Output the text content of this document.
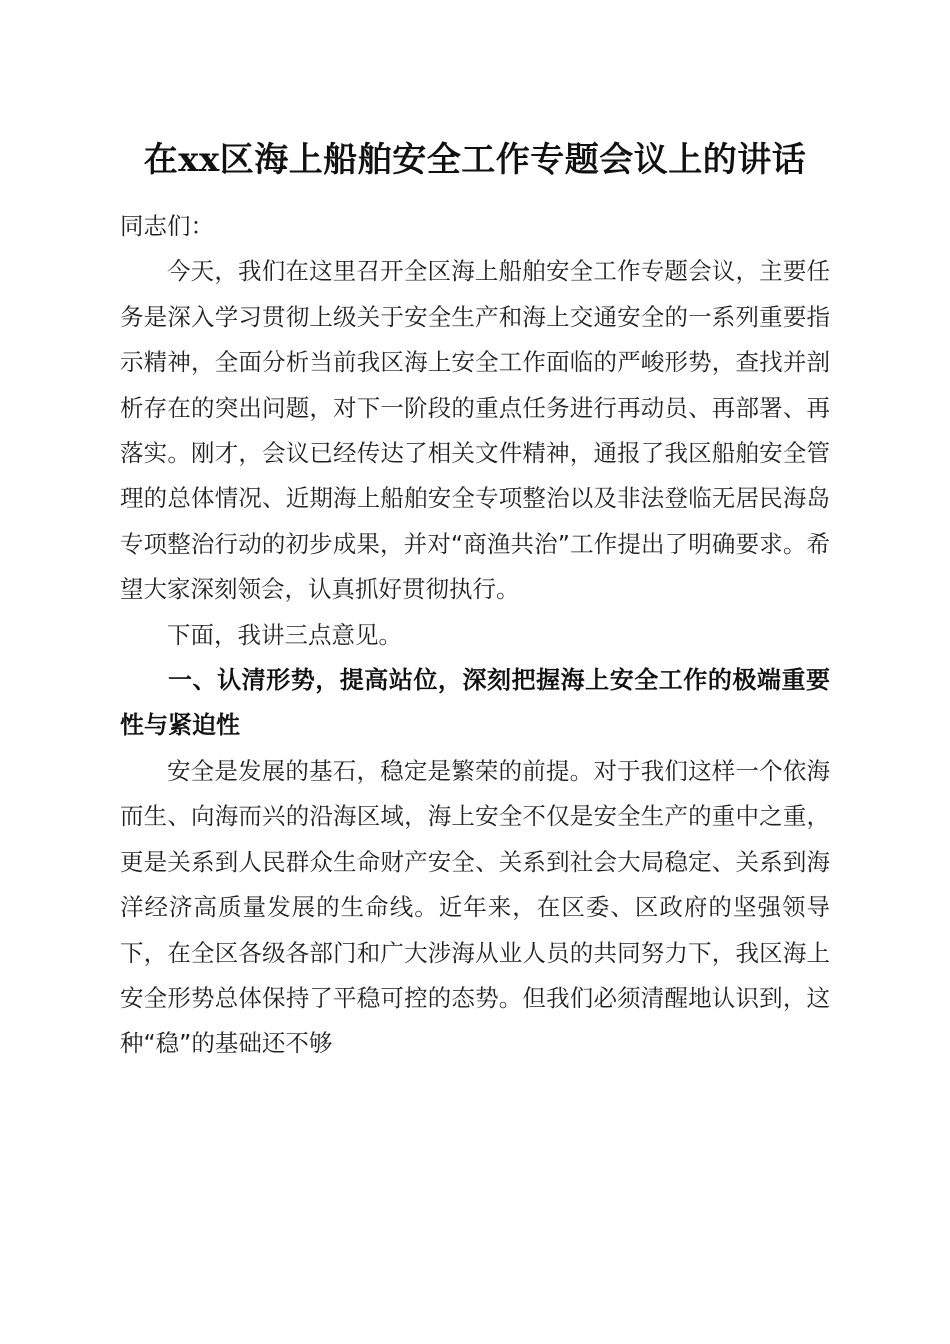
在xx区海上船舶安全工作专题会议上的讲话

同志们：

今天，我们在这里召开全区海上船舶安全工作专题会议，主要任务是深入学习贯彻上级关于安全生产和海上交通安全的一系列重要指示精神，全面分析当前我区海上安全工作面临的严峻形势，查找并剖析存在的突出问题，对下一阶段的重点任务进行再动员、再部署、再落实。刚才，会议已经传达了相关文件精神，通报了我区船舶安全管理的总体情况、近期海上船舶安全专项整治以及非法登临无居民海岛专项整治行动的初步成果，并对“商渔共治”工作提出了明确要求。希望大家深刻领会，认真抓好贯彻执行。

下面，我讲三点意见。

一、认清形势，提高站位，深刻把握海上安全工作的极端重要性与紧迫性

安全是发展的基石，稳定是繁荣的前提。对于我们这样一个依海而生、向海而兴的沿海区域，海上安全不仅是安全生产的重中之重，更是关系到人民群众生命财产安全、关系到社会大局稳定、关系到海洋经济高质量发展的生命线。近年来，在区委、区政府的坚强领导下，在全区各级各部门和广大涉海从业人员的共同努力下，我区海上安全形势总体保持了平稳可控的态势。但我们必须清醒地认识到，这种“稳”的基础还不够
